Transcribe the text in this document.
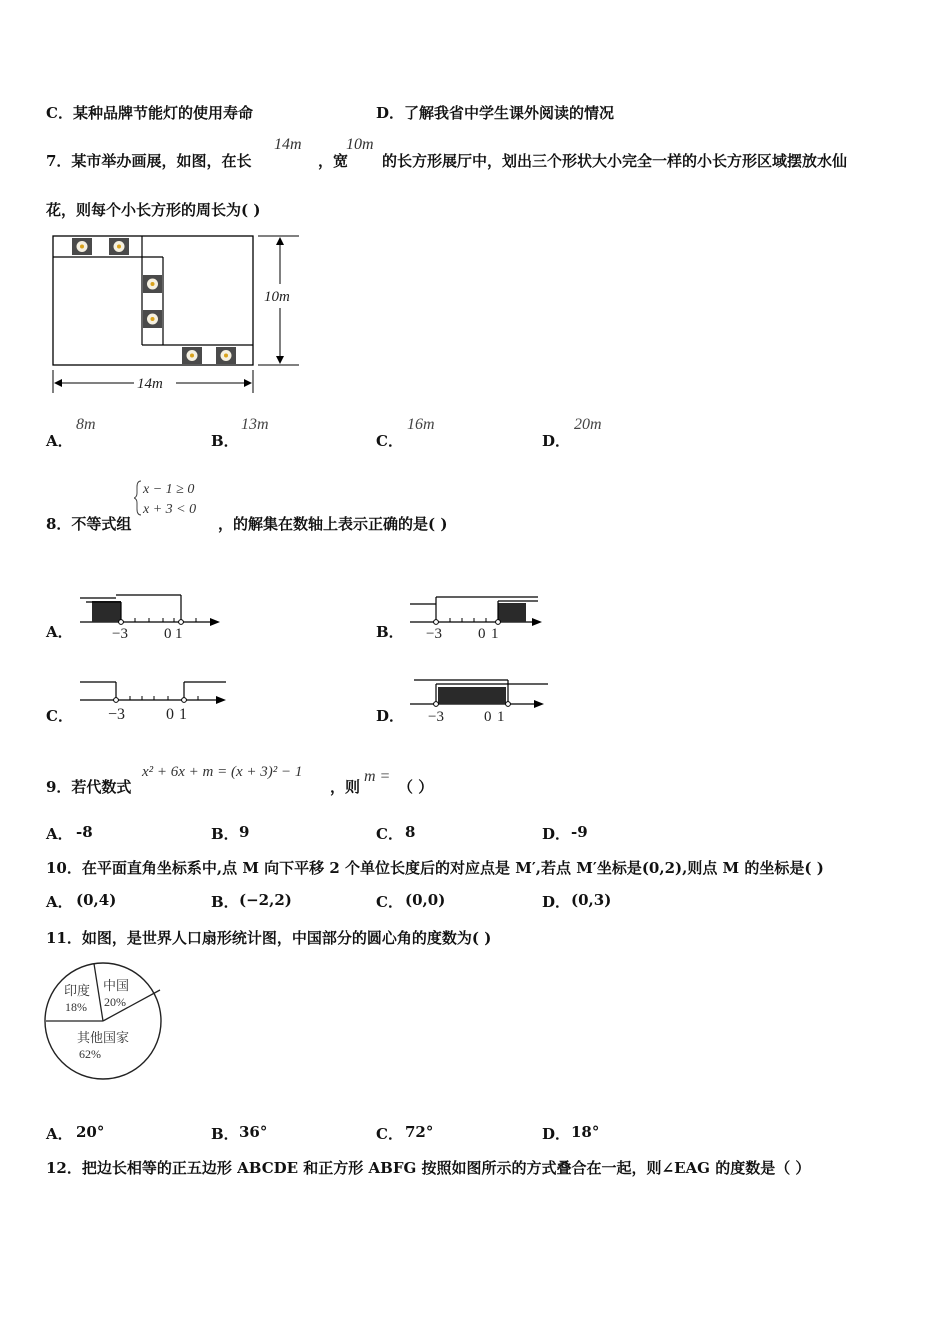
C．某种品牌节能灯的使用寿命	D．了解我省中学生课外阅读的情况
7．某市举办画展，如图，在长
14m
，宽
10m
的长方形展厅中，划出三个形状大小完全一样的小长方形区域摆放水仙
花，则每个小长方形的周长为( )
10m
14m
A．
8m
B．
13m
C．
16m
D．
20m
x − 1 ≥ 0
x + 3 < 0
8．不等式组	，的解集在数轴上表示正确的是( )
A．	−3 0 1	B． −3 0 1
C． −3	0 1	D． −3	0 1
9．若代数式
x² + 6x + m = (x + 3)² − 1
，则
m =
（ ）
A． -8	B． 9	C． 8	D． -9
10．在平面直角坐标系中,点 M 向下平移 2 个单位长度后的对应点是 M′,若点 M′坐标是(0,2),则点 M 的坐标是( )
A． (0,4)	B． (−2,2)	C． (0,0)	D． (0,3)
11．如图，是世界人口扇形统计图，中国部分的圆心角的度数为( )
印度
18%
中国
20%
其他国家
62%
A． 20°	B． 36°	C． 72°	D． 18°
12．把边长相等的正五边形 ABCDE 和正方形 ABFG 按照如图所示的方式叠合在一起，则∠EAG 的度数是（ ）
